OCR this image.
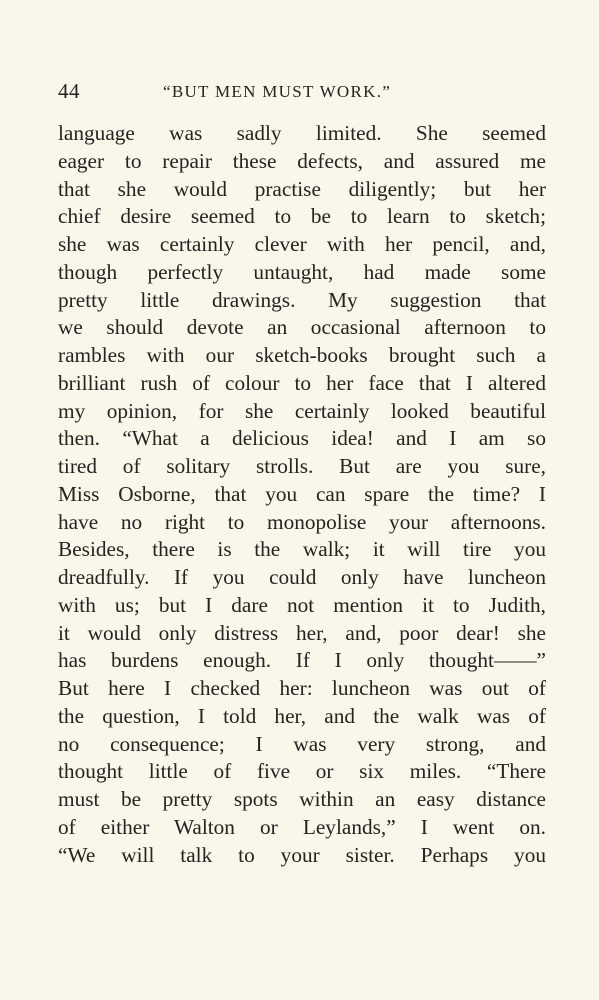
44	“BUT MEN MUST WORK.”
language was sadly limited. She seemed
eager to repair these defects, and assured me
that she would practise diligently; but her
chief desire seemed to be to learn to sketch;
she was certainly clever with her pencil, and,
though perfectly untaught, had made some
pretty little drawings. My suggestion that
we should devote an occasional afternoon to
rambles with our sketch-books brought such a
brilliant rush of colour to her face that I altered
my opinion, for she certainly looked beautiful
then. “What a delicious idea! and I am so
tired of solitary strolls. But are you sure,
Miss Osborne, that you can spare the time? I
have no right to monopolise your afternoons.
Besides, there is the walk; it will tire you
dreadfully. If you could only have luncheon
with us; but I dare not mention it to Judith,
it would only distress her, and, poor dear! she
has burdens enough. If I only thought——”
But here I checked her: luncheon was out of
the question, I told her, and the walk was of
no consequence; I was very strong, and
thought little of five or six miles. “There
must be pretty spots within an easy distance
of either Walton or Leylands,” I went on.
“We will talk to your sister. Perhaps you
